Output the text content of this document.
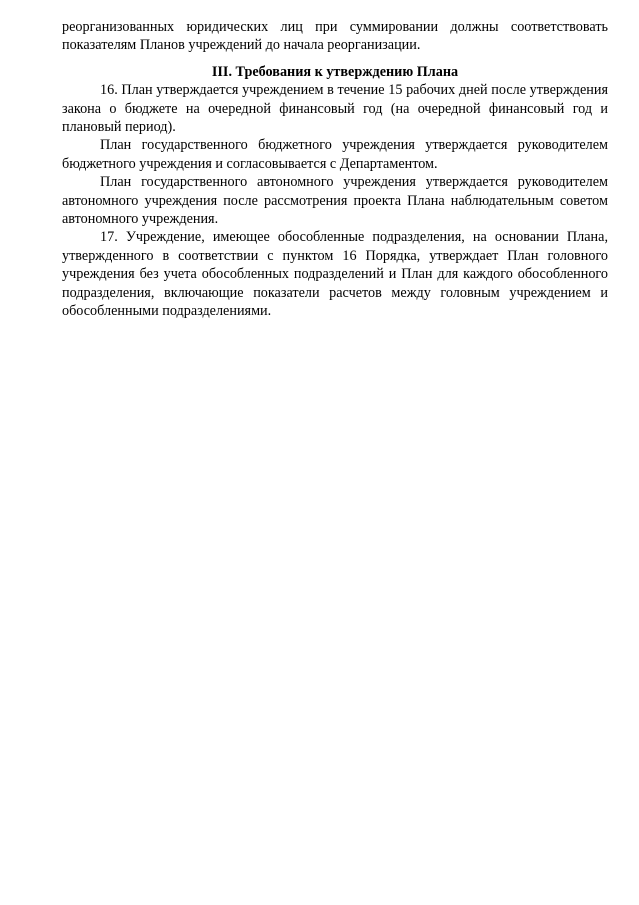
реорганизованных юридических лиц при суммировании должны соответствовать показателям Планов учреждений до начала реорганизации.

III. Требования к утверждению Плана

16. План утверждается учреждением в течение 15 рабочих дней после утверждения закона о бюджете на очередной финансовый год (на очередной финансовый год и плановый период).

План государственного бюджетного учреждения утверждается руководителем бюджетного учреждения и согласовывается с Департаментом.

План государственного автономного учреждения утверждается руководителем автономного учреждения после рассмотрения проекта Плана наблюдательным советом автономного учреждения.

17. Учреждение, имеющее обособленные подразделения, на основании Плана, утвержденного в соответствии с пунктом 16 Порядка, утверждает План головного учреждения без учета обособленных подразделений и План для каждого обособленного подразделения, включающие показатели расчетов между головным учреждением и обособленными подразделениями.
